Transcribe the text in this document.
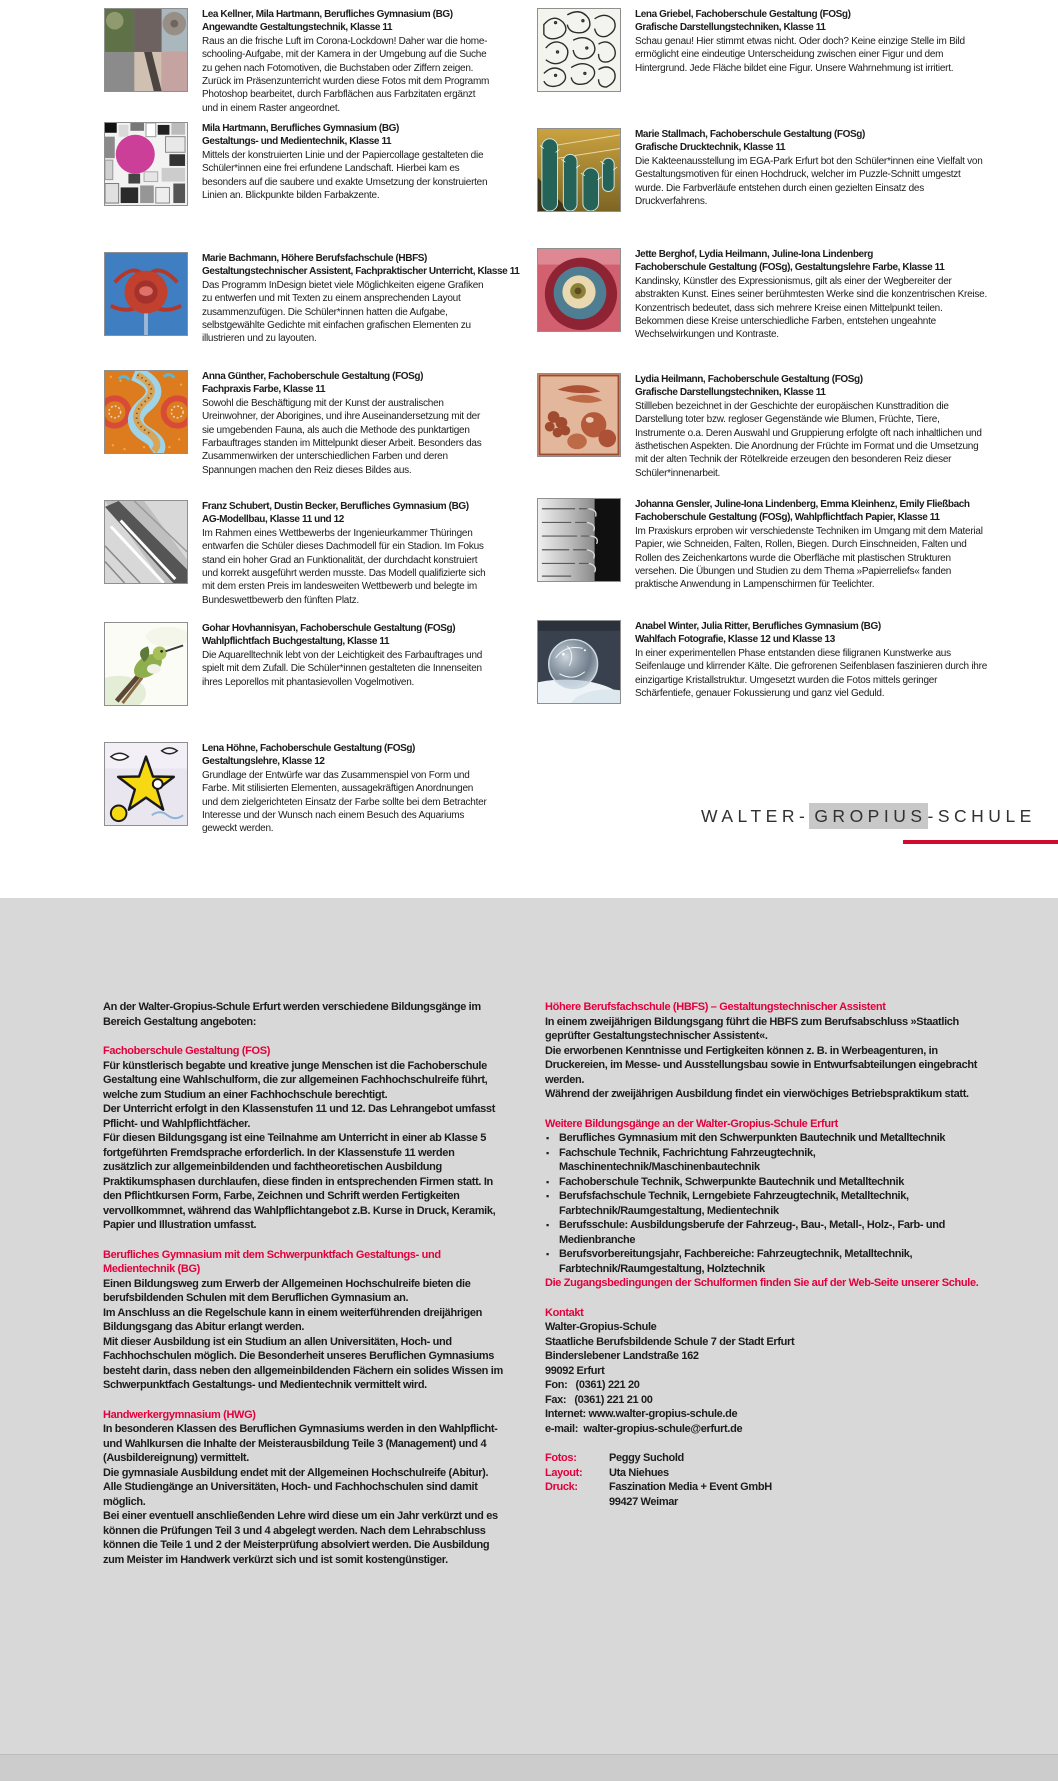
Lea Kellner, Mila Hartmann, Berufliches Gymnasium (BG)
Angewandte Gestaltungstechnik, Klasse 11

Raus an die frische Luft im Corona-Lockdown! Daher war die home-schooling-Aufgabe, mit der Kamera in der Umgebung auf die Suche zu gehen nach Fotomotiven, die Buchstaben oder Ziffern zeigen. Zurück im Präsenzunterricht wurden diese Fotos mit dem Programm Photoshop bearbeitet, durch Farbflächen aus Farbzitaten ergänzt und in einem Raster angeordnet.

Mila Hartmann, Berufliches Gymnasium (BG)
Gestaltungs- und Medientechnik, Klasse 11

Mittels der konstruierten Linie und der Papiercollage gestalteten die Schüler*innen eine frei erfundene Landschaft. Hierbei kam es besonders auf die saubere und exakte Umsetzung der konstruierten Linien an. Blickpunkte bilden Farbakzente.

Marie Bachmann, Höhere Berufsfachschule (HBFS)
Gestaltungstechnischer Assistent, Fachpraktischer Unterricht, Klasse 11

Das Programm InDesign bietet viele Möglichkeiten eigene Grafiken zu entwerfen und mit Texten zu einem ansprechenden Layout zusammenzufügen. Die Schüler*innen hatten die Aufgabe, selbstgewählte Gedichte mit einfachen grafischen Elementen zu illustrieren und zu layouten.

Anna Günther, Fachoberschule Gestaltung (FOSg)
Fachpraxis Farbe, Klasse 11

Sowohl die Beschäftigung mit der Kunst der australischen Ureinwohner, der Aborigines, und ihre Auseinandersetzung mit der sie umgebenden Fauna, als auch die Methode des punktartigen Farbauftrages standen im Mittelpunkt dieser Arbeit. Besonders das Zusammenwirken der unterschiedlichen Farben und deren Spannungen machen den Reiz dieses Bildes aus.

Franz Schubert, Dustin Becker, Berufliches Gymnasium (BG)
AG-Modellbau, Klasse 11 und 12

Im Rahmen eines Wettbewerbs der Ingenieurkammer Thüringen entwarfen die Schüler dieses Dachmodell für ein Stadion. Im Fokus stand ein hoher Grad an Funktionalität, der durchdacht konstruiert und korrekt ausgeführt werden musste. Das Modell qualifizierte sich mit dem ersten Preis im landesweiten Wettbewerb und belegte im Bundeswettbewerb den fünften Platz.

Gohar Hovhannisyan, Fachoberschule Gestaltung (FOSg)
Wahlpflichtfach Buchgestaltung, Klasse 11

Die Aquarelltechnik lebt von der Leichtigkeit des Farbauftrages und spielt mit dem Zufall. Die Schüler*innen gestalteten die Innenseiten ihres Leporellos mit phantasievollen Vogelmotiven.

Lena Höhne, Fachoberschule Gestaltung (FOSg)
Gestaltungslehre, Klasse 12

Grundlage der Entwürfe war das Zusammenspiel von Form und Farbe. Mit stilisierten Elementen, aussagekräftigen Anordnungen und dem zielgerichteten Einsatz der Farbe sollte bei dem Betrachter Interesse und der Wunsch nach einem Besuch des Aquariums geweckt werden.

Lena Griebel, Fachoberschule Gestaltung (FOSg)
Grafische Darstellungstechniken, Klasse 11

Schau genau! Hier stimmt etwas nicht. Oder doch? Keine einzige Stelle im Bild ermöglicht eine eindeutige Unterscheidung zwischen einer Figur und dem Hintergrund. Jede Fläche bildet eine Figur. Unsere Wahrnehmung ist irritiert.

Marie Stallmach, Fachoberschule Gestaltung (FOSg)
Grafische Drucktechnik, Klasse 11

Die Kakteenausstellung im EGA-Park Erfurt bot den Schüler*innen eine Vielfalt von Gestaltungsmotiven für einen Hochdruck, welcher im Puzzle-Schnitt umgestzt wurde. Die Farbverläufe entstehen durch einen gezielten Einsatz des Druckverfahrens.

Jette Berghof, Lydia Heilmann, Juline-Iona Lindenberg
Fachoberschule Gestaltung (FOSg), Gestaltungslehre Farbe, Klasse 11

Kandinsky, Künstler des Expressionismus, gilt als einer der Wegbereiter der abstrakten Kunst. Eines seiner berühmtesten Werke sind die konzentrischen Kreise. Konzentrisch bedeutet, dass sich mehrere Kreise einen Mittelpunkt teilen. Bekommen diese Kreise unterschiedliche Farben, entstehen ungeahnte Wechselwirkungen und Kontraste.

Lydia Heilmann, Fachoberschule Gestaltung (FOSg)
Grafische Darstellungstechniken, Klasse 11

Stillleben bezeichnet in der Geschichte der europäischen Kunsttradition die Darstellung toter bzw. regloser Gegenstände wie Blumen, Früchte, Tiere, Instrumente o.a. Deren Auswahl und Gruppierung erfolgte oft nach inhaltlichen und ästhetischen Aspekten. Die Anordnung der Früchte im Format und die Umsetzung mit der alten Technik der Rötelkreide erzeugen den besonderen Reiz dieser Schüler*innenarbeit.

Johanna Gensler, Juline-Iona Lindenberg, Emma Kleinhenz, Emily Fließbach
Fachoberschule Gestaltung (FOSg), Wahlpflichtfach Papier, Klasse 11

Im Praxiskurs erproben wir verschiedenste Techniken im Umgang mit dem Material Papier, wie Schneiden, Falten, Rollen, Biegen. Durch Einschneiden, Falten und Rollen des Zeichenkartons wurde die Oberfläche mit plastischen Strukturen versehen. Die Übungen und Studien zu dem Thema »Papierreliefs« fanden praktische Anwendung in Lampenschirmen für Teelichter.

Anabel Winter, Julia Ritter, Berufliches Gymnasium (BG)
Wahlfach Fotografie, Klasse 12 und Klasse 13

In einer experimentellen Phase entstanden diese filigranen Kunstwerke aus Seifenlauge und klirrender Kälte. Die gefrorenen Seifenblasen faszinieren durch ihre einzigartige Kristallstruktur. Umgesetzt wurden die Fotos mittels geringer Schärfentiefe, genauer Fokussierung und ganz viel Geduld.

WALTER- GROPIUS-SCHULE

An der Walter-Gropius-Schule Erfurt werden verschiedene Bildungsgänge im Bereich Gestaltung angeboten:

Fachoberschule Gestaltung (FOS)

Für künstlerisch begabte und kreative junge Menschen ist die Fachoberschule Gestaltung eine Wahlschulform, die zur allgemeinen Fachhochschulreife führt, welche zum Studium an einer Fachhochschule berechtigt.

Der Unterricht erfolgt in den Klassenstufen 11 und 12. Das Lehrangebot umfasst Pflicht- und Wahlpflichtfächer.

Für diesen Bildungsgang ist eine Teilnahme am Unterricht in einer ab Klasse 5 fortgeführten Fremdsprache erforderlich. In der Klassenstufe 11 werden zusätzlich zur allgemeinbildenden und fachtheoretischen Ausbildung Praktikumsphasen durchlaufen, diese finden in entsprechenden Firmen statt. In den Pflichtkursen Form, Farbe, Zeichnen und Schrift werden Fertigkeiten vervollkommnet, während das Wahlpflichtangebot z.B. Kurse in Druck, Keramik, Papier und Illustration umfasst.

Berufliches Gymnasium mit dem Schwerpunktfach Gestaltungs- und Medientechnik (BG)

Einen Bildungsweg zum Erwerb der Allgemeinen Hochschulreife bieten die berufsbildenden Schulen mit dem Beruflichen Gymnasium an.

Im Anschluss an die Regelschule kann in einem weiterführenden dreijährigen Bildungsgang das Abitur erlangt werden.

Mit dieser Ausbildung ist ein Studium an allen Universitäten, Hoch- und Fachhochschulen möglich. Die Besonderheit unseres Beruflichen Gymnasiums besteht darin, dass neben den allgemeinbildenden Fächern ein solides Wissen im Schwerpunktfach Gestaltungs- und Medientechnik vermittelt wird.

Handwerkergymnasium (HWG)

In besonderen Klassen des Beruflichen Gymnasiums werden in den Wahlpflicht- und Wahlkursen die Inhalte der Meisterausbildung Teile 3 (Management) und 4 (Ausbildereignung) vermittelt.

Die gymnasiale Ausbildung endet mit der Allgemeinen Hochschulreife (Abitur).

Alle Studiengänge an Universitäten, Hoch- und Fachhochschulen sind damit möglich.

Bei einer eventuell anschließenden Lehre wird diese um ein Jahr verkürzt und es können die Prüfungen Teil 3 und 4 abgelegt werden. Nach dem Lehrabschluss können die Teile 1 und 2 der Meisterprüfung absolviert werden. Die Ausbildung zum Meister im Handwerk verkürzt sich und ist somit kostengünstiger.

Höhere Berufsfachschule (HBFS) – Gestaltungstechnischer Assistent

In einem zweijährigen Bildungsgang führt die HBFS zum Berufsabschluss »Staatlich geprüfter Gestaltungstechnischer Assistent«.

Die erworbenen Kenntnisse und Fertigkeiten können z. B. in Werbeagenturen, in Druckereien, im Messe- und Ausstellungsbau sowie in Entwurfsabteilungen eingebracht werden.

Während der zweijährigen Ausbildung findet ein vierwöchiges Betriebspraktikum statt.

Weitere Bildungsgänge an der Walter-Gropius-Schule Erfurt
▪ Berufliches Gymnasium mit den Schwerpunkten Bautechnik und Metalltechnik
▪ Fachschule Technik, Fachrichtung Fahrzeugtechnik, Maschinentechnik/Maschinenbautechnik
▪ Fachoberschule Technik, Schwerpunkte Bautechnik und Metalltechnik
▪ Berufsfachschule Technik, Lerngebiete Fahrzeugtechnik, Metalltechnik, Farbtechnik/Raumgestaltung, Medientechnik
▪ Berufsschule: Ausbildungsberufe der Fahrzeug-, Bau-, Metall-, Holz-, Farb- und Medienbranche
▪ Berufsvorbereitungsjahr, Fachbereiche: Fahrzeugtechnik, Metalltechnik, Farbtechnik/Raumgestaltung, Holztechnik

Die Zugangsbedingungen der Schulformen finden Sie auf der Web-Seite unserer Schule.

Kontakt

Walter-Gropius-Schule

Staatliche Berufsbildende Schule 7 der Stadt Erfurt

Binderslebener Landstraße 162

99092 Erfurt

Fon:   (0361) 221 20

Fax:   (0361) 221 21 00

Internet: www.walter-gropius-schule.de

e-mail:  walter-gropius-schule@erfurt.de

Fotos:	Peggy Suchold
Layout:	Uta Niehues
Druck:	Faszination Media + Event GmbH
99427 Weimar
